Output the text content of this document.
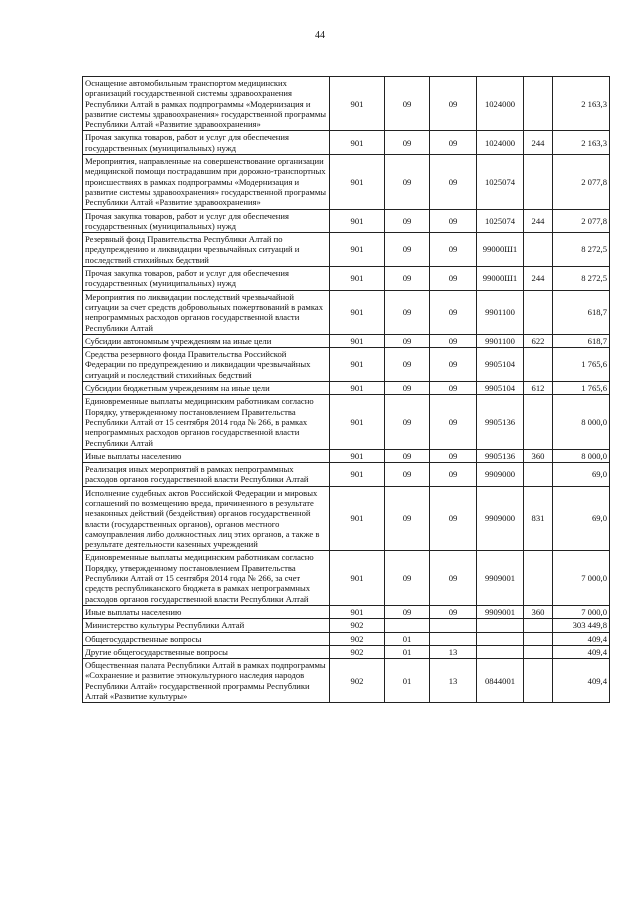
44
Оснащение автомобильным транспортом медицинских организаций государственной системы здравоохранения Республики Алтай в рамках подпрограммы «Модернизация и развитие системы здравоохранения» государственной программы Республики Алтай «Развитие здравоохранения»	901	09	09	1024000		2 163,3
Прочая закупка товаров, работ и услуг для обеспечения государственных (муниципальных) нужд	901	09	09	1024000	244	2 163,3
Мероприятия, направленные на совершенствование организации медицинской помощи пострадавшим при дорожно-транспортных происшествиях в рамках подпрограммы «Модернизация и развитие системы здравоохранения» государственной программы Республики Алтай «Развитие здравоохранения»	901	09	09	1025074		2 077,8
Прочая закупка товаров, работ и услуг для обеспечения государственных (муниципальных) нужд	901	09	09	1025074	244	2 077,8
Резервный фонд Правительства Республики Алтай по предупреждению и ликвидации чрезвычайных ситуаций и последствий стихийных бедствий	901	09	09	99000Ш1		8 272,5
Прочая закупка товаров, работ и услуг для обеспечения государственных (муниципальных) нужд	901	09	09	99000Ш1	244	8 272,5
Мероприятия по ликвидации последствий чрезвычайной ситуации за счет средств добровольных пожертвований в рамках непрограммных расходов органов государственной власти Республики Алтай	901	09	09	9901100		618,7
Субсидии автономным учреждениям на иные цели	901	09	09	9901100	622	618,7
Средства резервного фонда Правительства Российской Федерации по предупреждению и ликвидации чрезвычайных ситуаций и последствий стихийных бедствий	901	09	09	9905104		1 765,6
Субсидии бюджетным учреждениям на иные цели	901	09	09	9905104	612	1 765,6
Единовременные выплаты медицинским работникам согласно Порядку, утвержденному постановлением Правительства Республики Алтай от 15 сентября 2014 года № 266, в рамках непрограммных расходов органов государственной власти Республики Алтай	901	09	09	9905136		8 000,0
Иные выплаты населению	901	09	09	9905136	360	8 000,0
Реализация иных мероприятий в рамках непрограммных расходов органов государственной власти Республики Алтай	901	09	09	9909000		69,0
Исполнение судебных актов Российской Федерации и мировых соглашений по возмещению вреда, причиненного в результате незаконных действий (бездействия) органов государственной власти (государственных органов), органов местного самоуправления либо должностных лиц этих органов, а также в результате деятельности казенных учреждений	901	09	09	9909000	831	69,0
Единовременные выплаты медицинским работникам согласно Порядку, утвержденному постановлением Правительства Республики Алтай от 15 сентября 2014 года № 266, за счет средств республиканского бюджета в рамках непрограммных расходов органов государственной власти Республики Алтай	901	09	09	9909001		7 000,0
Иные выплаты населению	901	09	09	9909001	360	7 000,0
Министерство культуры Республики Алтай	902					303 449,8
Общегосударственные вопросы	902	01				409,4
Другие общегосударственные вопросы	902	01	13			409,4
Общественная палата Республики Алтай в рамках подпрограммы «Сохранение и развитие этнокультурного наследия народов Республики Алтай» государственной программы Республики Алтай «Развитие культуры»	902	01	13	0844001		409,4
